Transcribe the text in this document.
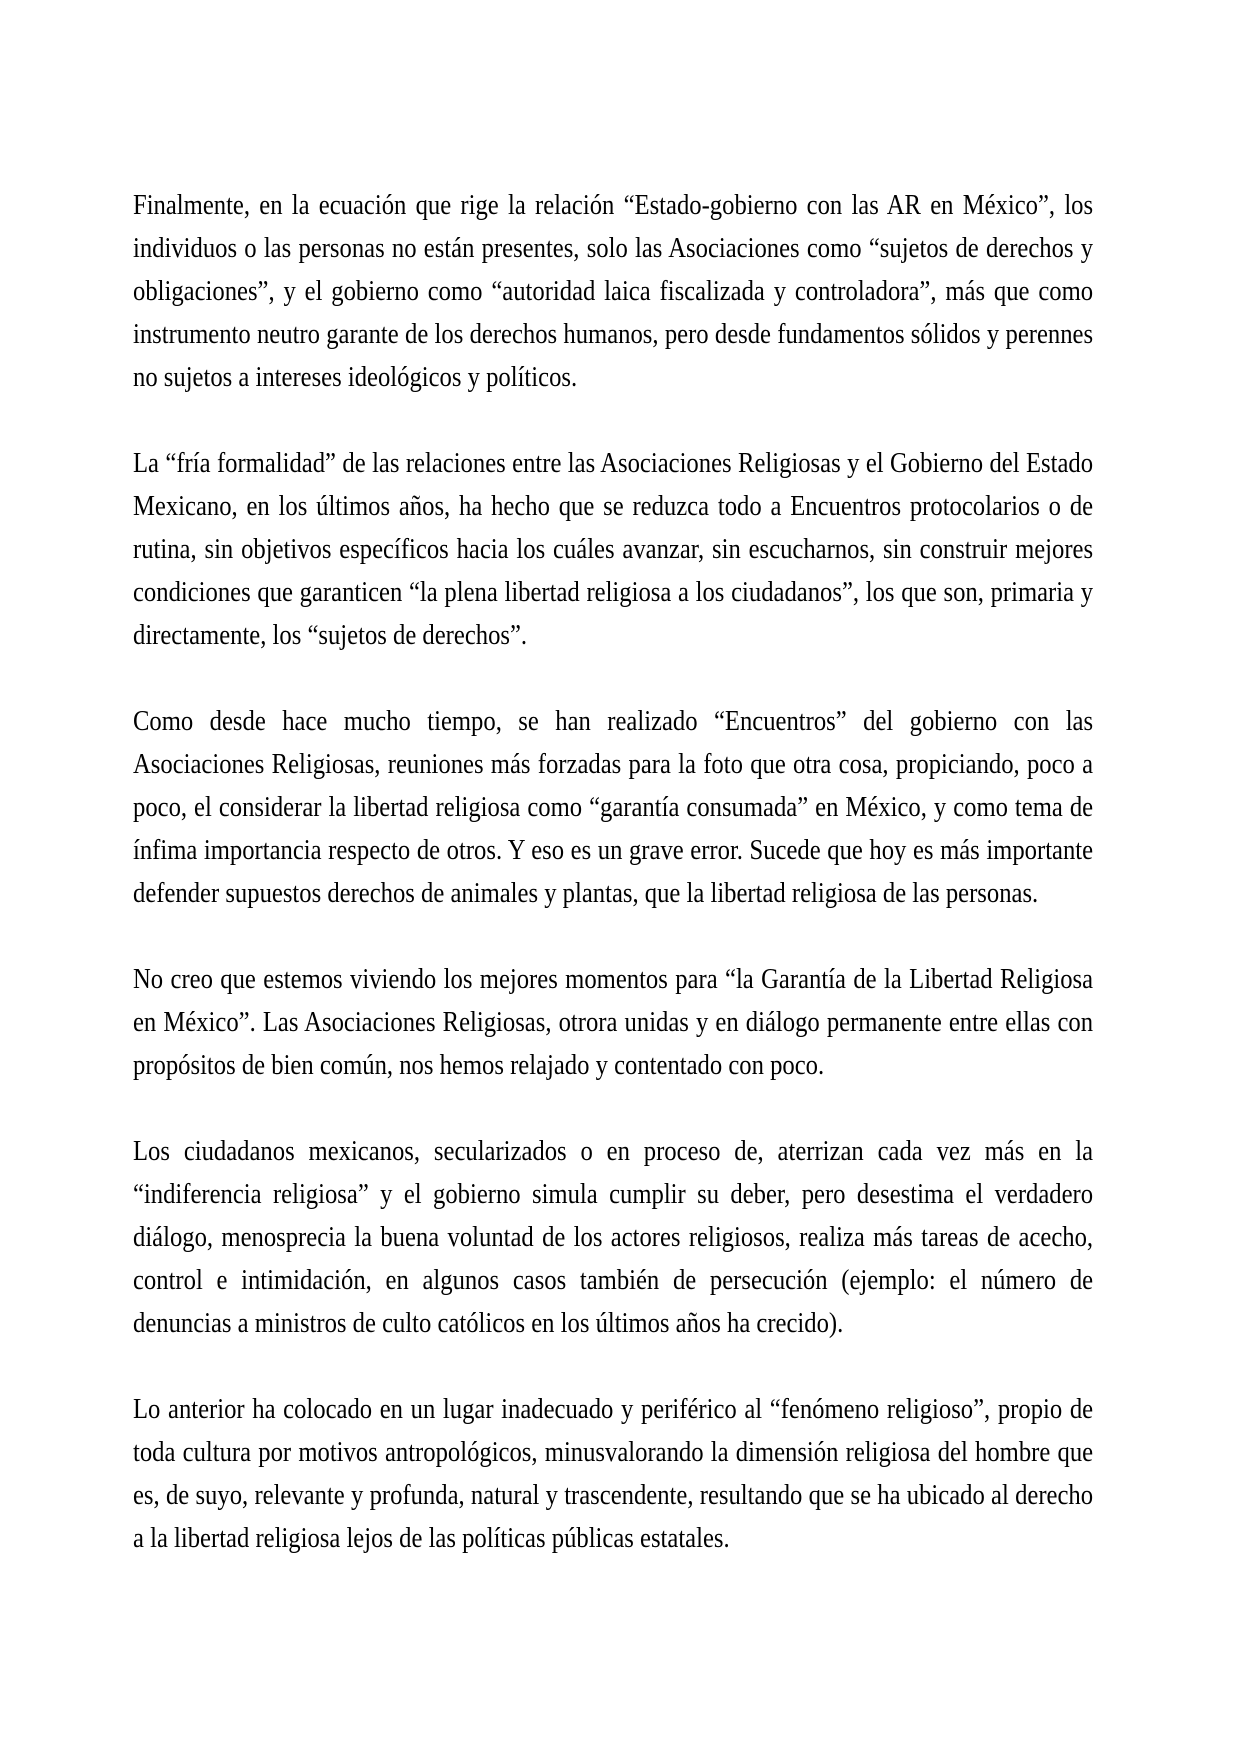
Finalmente, en la ecuación que rige la relación “Estado-gobierno con las AR en México”, los individuos o las personas no están presentes, solo las Asociaciones como “sujetos de derechos y obligaciones”, y el gobierno como “autoridad laica fiscalizada y controladora”, más que como instrumento neutro garante de los derechos humanos, pero desde fundamentos sólidos y perennes no sujetos a intereses ideológicos y políticos.

La “fría formalidad” de las relaciones entre las Asociaciones Religiosas y el Gobierno del Estado Mexicano, en los últimos años, ha hecho que se reduzca todo a Encuentros protocolarios o de rutina, sin objetivos específicos hacia los cuáles avanzar, sin escucharnos, sin construir mejores condiciones que garanticen “la plena libertad religiosa a los ciudadanos”, los que son, primaria y directamente, los “sujetos de derechos”.

Como desde hace mucho tiempo, se han realizado “Encuentros” del gobierno con las Asociaciones Religiosas, reuniones más forzadas para la foto que otra cosa, propiciando, poco a poco, el considerar la libertad religiosa como “garantía consumada” en México, y como tema de ínfima importancia respecto de otros. Y eso es un grave error. Sucede que hoy es más importante defender supuestos derechos de animales y plantas, que la libertad religiosa de las personas.

No creo que estemos viviendo los mejores momentos para “la Garantía de la Libertad Religiosa en México”. Las Asociaciones Religiosas, otrora unidas y en diálogo permanente entre ellas con propósitos de bien común, nos hemos relajado y contentado con poco.

Los ciudadanos mexicanos, secularizados o en proceso de, aterrizan cada vez más en la “indiferencia religiosa” y el gobierno simula cumplir su deber, pero desestima el verdadero diálogo, menosprecia la buena voluntad de los actores religiosos, realiza más tareas de acecho, control e intimidación, en algunos casos también de persecución (ejemplo: el número de denuncias a ministros de culto católicos en los últimos años ha crecido).

Lo anterior ha colocado en un lugar inadecuado y periférico al “fenómeno religioso”, propio de toda cultura por motivos antropológicos, minusvalorando la dimensión religiosa del hombre que es, de suyo, relevante y profunda, natural y trascendente, resultando que se ha ubicado al derecho a la libertad religiosa lejos de las políticas públicas estatales.
